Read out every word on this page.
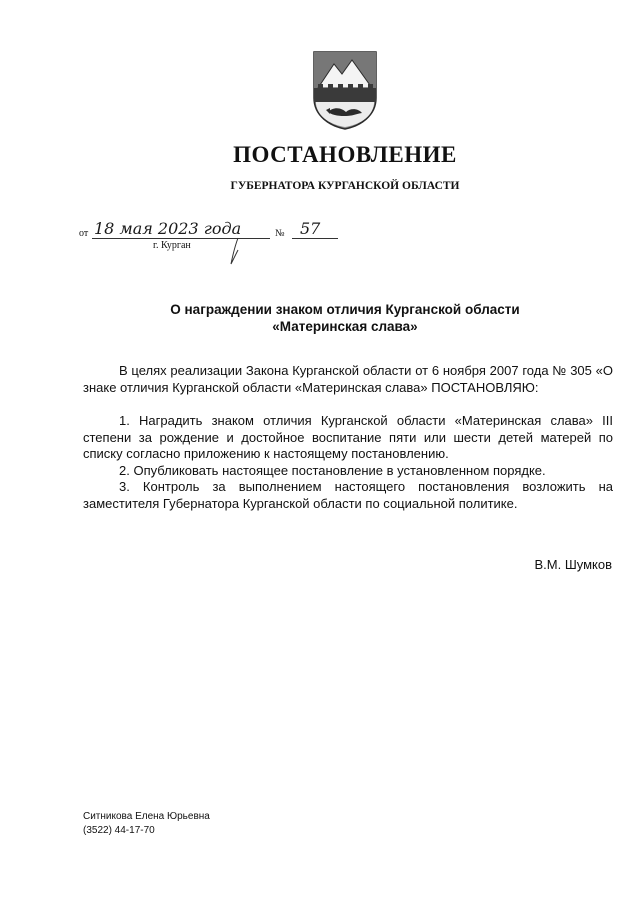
ПОСТАНОВЛЕНИЕ
ГУБЕРНАТОРА КУРГАНСКОЙ ОБЛАСТИ
от 18 мая 2023 года	№ 57
г. Курган
О награждении знаком отличия Курганской области
«Материнская слава»
В целях реализации Закона Курганской области от 6 ноября 2007 года № 305 «О знаке отличия Курганской области «Материнская слава» ПОСТАНОВЛЯЮ:
1. Наградить знаком отличия Курганской области «Материнская слава» III степени за рождение и достойное воспитание пяти или шести детей матерей по списку согласно приложению к настоящему постановлению.
2. Опубликовать настоящее постановление в установленном порядке.
3. Контроль за выполнением настоящего постановления возложить на заместителя Губернатора Курганской области по социальной политике.
В.М. Шумков
Ситникова Елена Юрьевна
(3522) 44-17-70
